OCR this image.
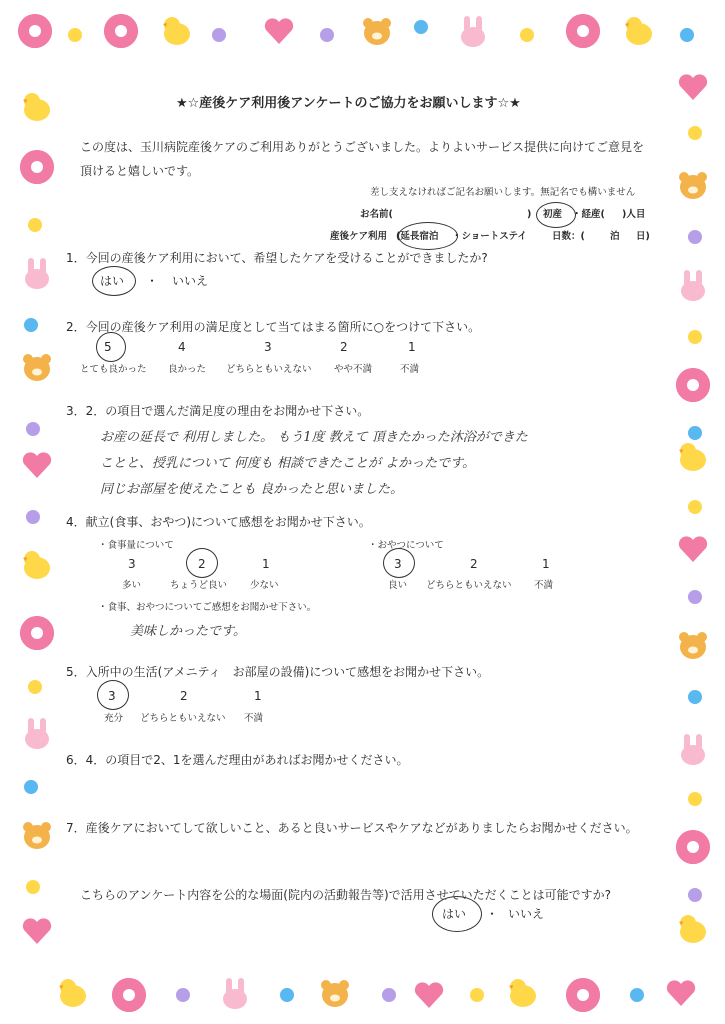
★☆産後ケア利用後アンケートのご協力をお願いします☆★
この度は、玉川病院産後ケアのご利用ありがとうございました。よりよいサービス提供に向けてご意見を
頂けると嬉しいです。
差し支えなければご記名お願いします。無記名でも構いません
お名前(	) 初産 ・経産( )人目
産後ケア利用 (延長宿泊 ・ショートステイ	日数：(	泊 日)
1．今回の産後ケア利用において、希望したケアを受けることができましたか?
はい ・ いいえ
2．今回の産後ケア利用の満足度として当てはまる箇所に○をつけて下さい。
5	4	3	2	1
とても良かった 良かった どちらともいえない やや不満	不満
3．2．の項目で選んだ満足度の理由をお聞かせ下さい。
お産の延長で 利用しました。 もう1度 教えて 頂きたかった沐浴ができた
ことと、授乳について 何度も 相談できたことが よかったです。
同じお部屋を使えたことも 良かったと思いました。
4．献立(食事、おやつ)について感想をお聞かせ下さい。
・食事量について
3	2	1
多い	ちょうど良い 少ない
・おやつについて
3	2	1
良い どちらともいえない 不満
・食事、おやつについてご感想をお聞かせ下さい。
美味しかったです。
5．入所中の生活(アメニティ　お部屋の設備)について感想をお聞かせ下さい。
3	2	1
充分 どちらともいえない 不満
6．4．の項目で2、1を選んだ理由があればお聞かせください。
7．産後ケアにおいてして欲しいこと、あると良いサービスやケアなどがありましたらお聞かせください。
こちらのアンケート内容を公的な場面(院内の活動報告等)で活用させていただくことは可能ですか?
はい ・ いいえ
